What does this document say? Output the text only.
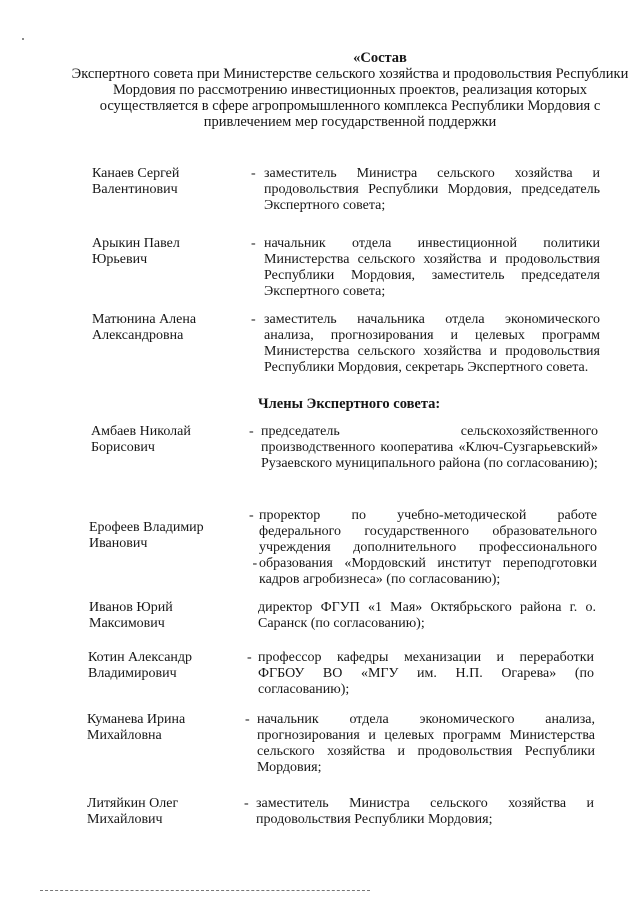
«Состав
Экспертного совета при Министерстве сельского хозяйства и продовольствия Республики Мордовия по рассмотрению инвестиционных проектов, реализация которых осуществляется в сфере агропромышленного комплекса Республики Мордовия с привлечением мер государственной поддержки
Канаев Сергей Валентинович
- заместитель Министра сельского хозяйства и продовольствия Республики Мордовия, председатель Экспертного совета;
Арыкин Павел Юрьевич
- начальник отдела инвестиционной политики Министерства сельского хозяйства и продовольствия Республики Мордовия, заместитель председателя Экспертного совета;
Матюнина Алена Александровна
- заместитель начальника отдела экономического анализа, прогнозирования и целевых программ Министерства сельского хозяйства и продовольствия Республики Мордовия, секретарь Экспертного совета.
Члены Экспертного совета:
Амбаев Николай Борисович
- председатель сельскохозяйственного производственного кооператива «Ключ-Сузгарьевский» Рузаевского муниципального района (по согласованию);
Ерофеев Владимир Иванович
-

-
проректор по учебно-методической работе федерального государственного образовательного учреждения дополнительного профессионального образования «Мордовский институт переподготовки кадров агробизнеса» (по согласованию);
Иванов Юрий Максимович
директор ФГУП «1 Мая» Октябрьского района г. о. Саранск (по согласованию);
Котин Александр Владимирович
- профессор кафедры механизации и переработки ФГБОУ ВО «МГУ им. Н.П. Огарева» (по согласованию);
Куманева Ирина Михайловна
- начальник отдела экономического анализа, прогнозирования и целевых программ Министерства сельского хозяйства и продовольствия Республики Мордовия;
Литяйкин Олег Михайлович
- заместитель Министра сельского хозяйства и продовольствия Республики Мордовия;
